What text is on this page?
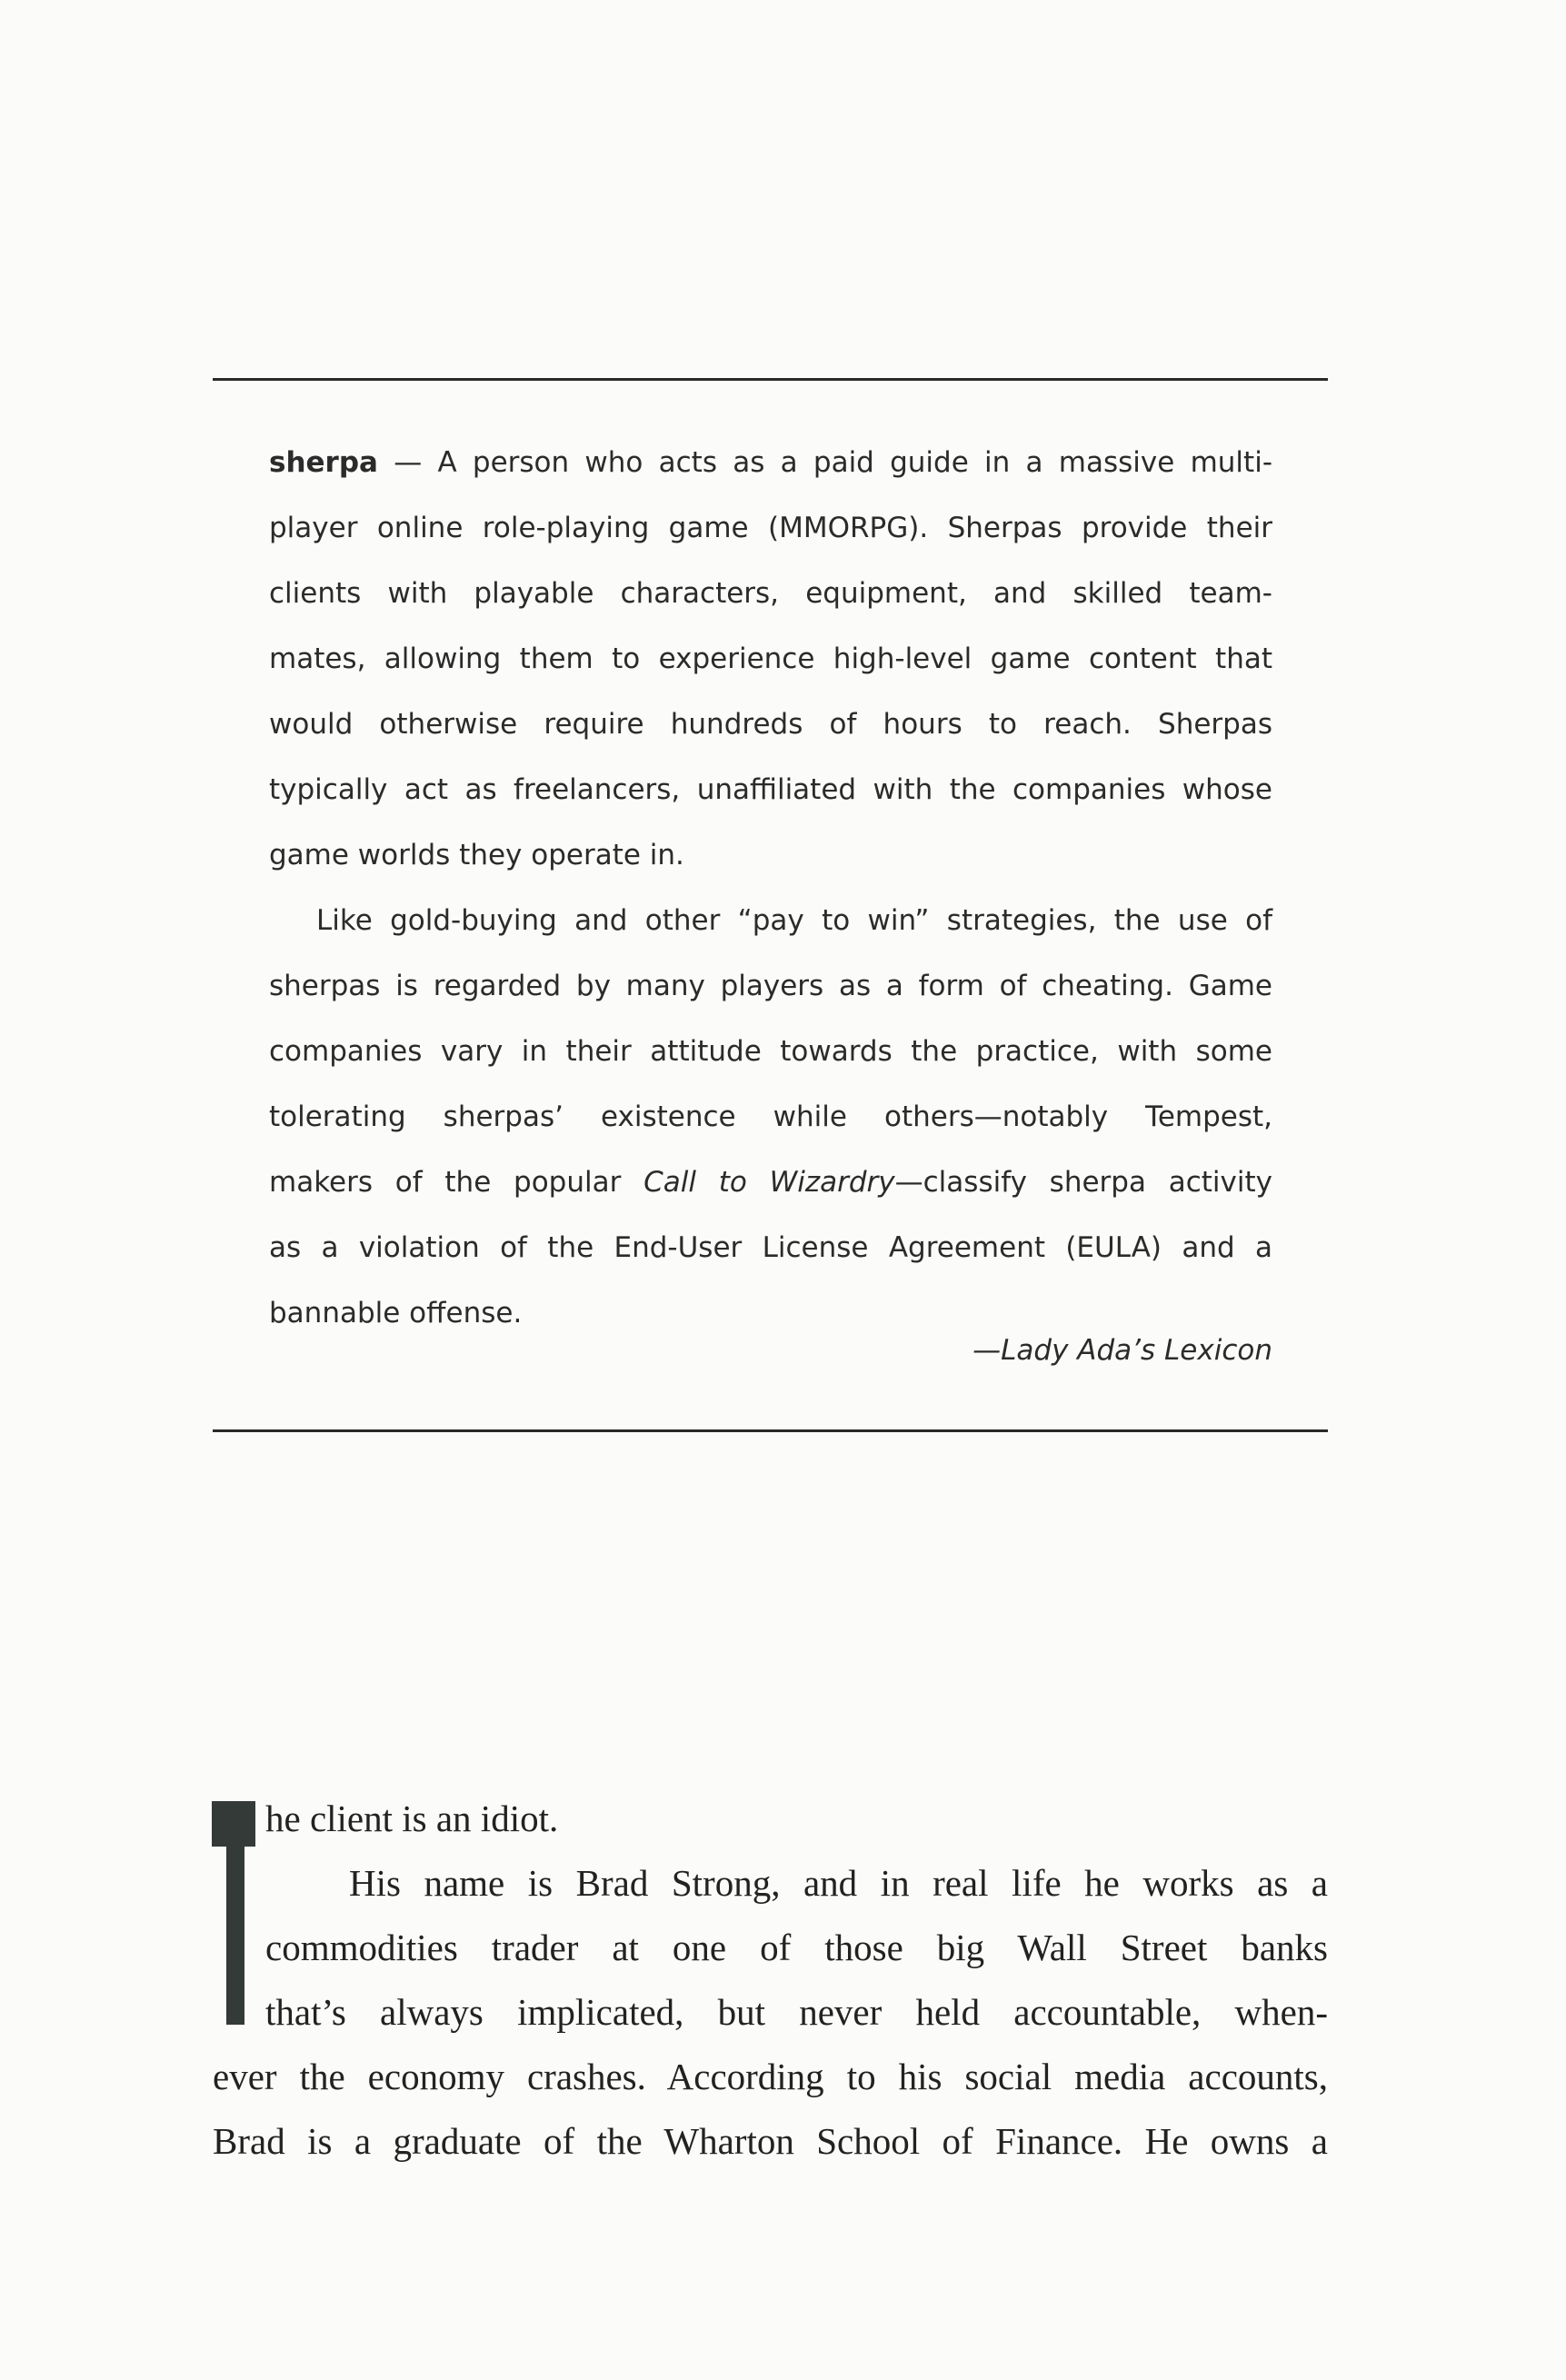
sherpa — A person who acts as a paid guide in a massive multi-
player online role-playing game (MMORPG). Sherpas provide their
clients with playable characters, equipment, and skilled team-
mates, allowing them to experience high-level game content that
would otherwise require hundreds of hours to reach. Sherpas
typically act as freelancers, unaffiliated with the companies whose
game worlds they operate in.
Like gold-buying and other “pay to win” strategies, the use of
sherpas is regarded by many players as a form of cheating. Game
companies vary in their attitude towards the practice, with some
tolerating sherpas’ existence while others—notably Tempest,
makers of the popular Call to Wizardry—classify sherpa activity
as a violation of the End-User License Agreement (EULA) and a
bannable offense.
—Lady Ada’s Lexicon
he client is an idiot.
His name is Brad Strong, and in real life he works as a
commodities trader at one of those big Wall Street banks
that’s always implicated, but never held accountable, when-
ever the economy crashes. According to his social media accounts,
Brad is a graduate of the Wharton School of Finance. He owns a
